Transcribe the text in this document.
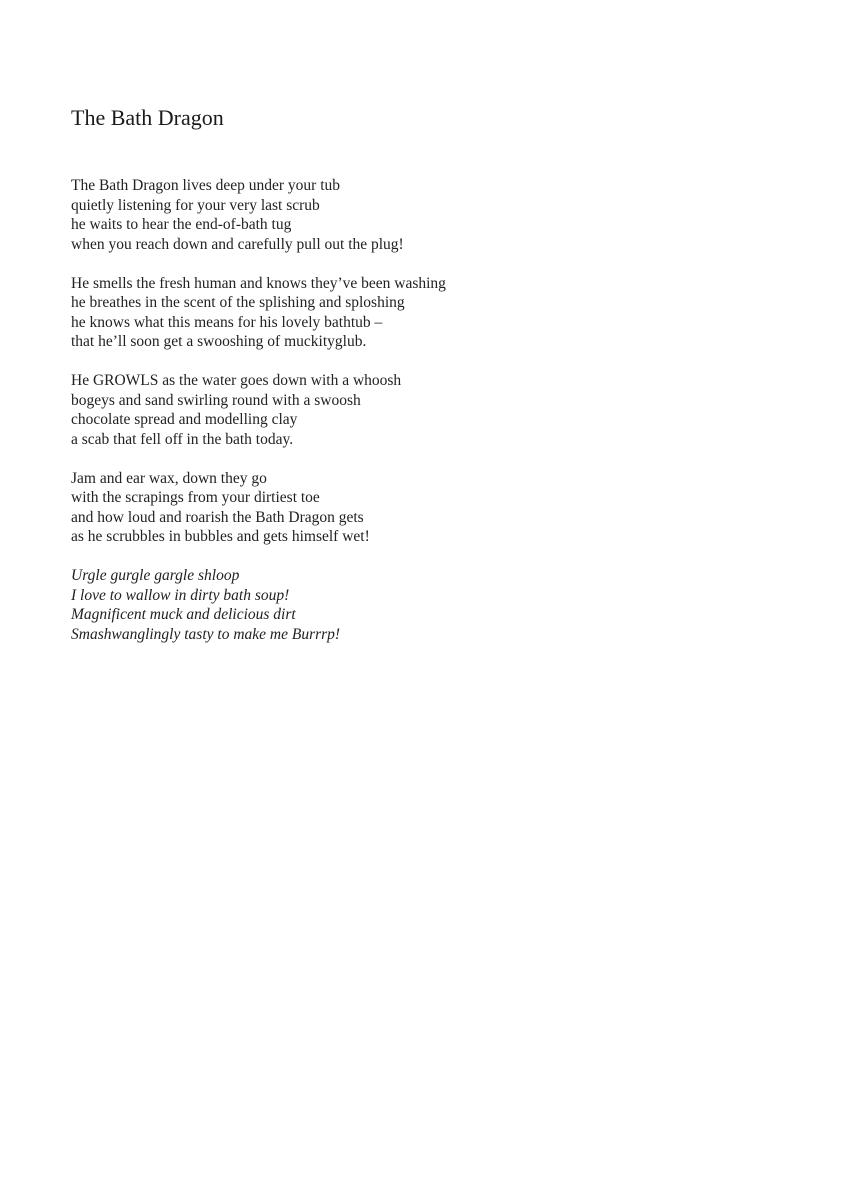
The Bath Dragon
The Bath Dragon lives deep under your tub
quietly listening for your very last scrub
he waits to hear the end-of-bath tug
when you reach down and carefully pull out the plug!
He smells the fresh human and knows they’ve been washing
he breathes in the scent of the splishing and sploshing
he knows what this means for his lovely bathtub –
that he’ll soon get a swooshing of muckityglub.
He GROWLS as the water goes down with a whoosh
bogeys and sand swirling round with a swoosh
chocolate spread and modelling clay
a scab that fell off in the bath today.
Jam and ear wax, down they go
with the scrapings from your dirtiest toe
and how loud and roarish the Bath Dragon gets
as he scrubbles in bubbles and gets himself wet!
Urgle gurgle gargle shloop
I love to wallow in dirty bath soup!
Magnificent muck and delicious dirt
Smashwanglingly tasty to make me Burrrp!
